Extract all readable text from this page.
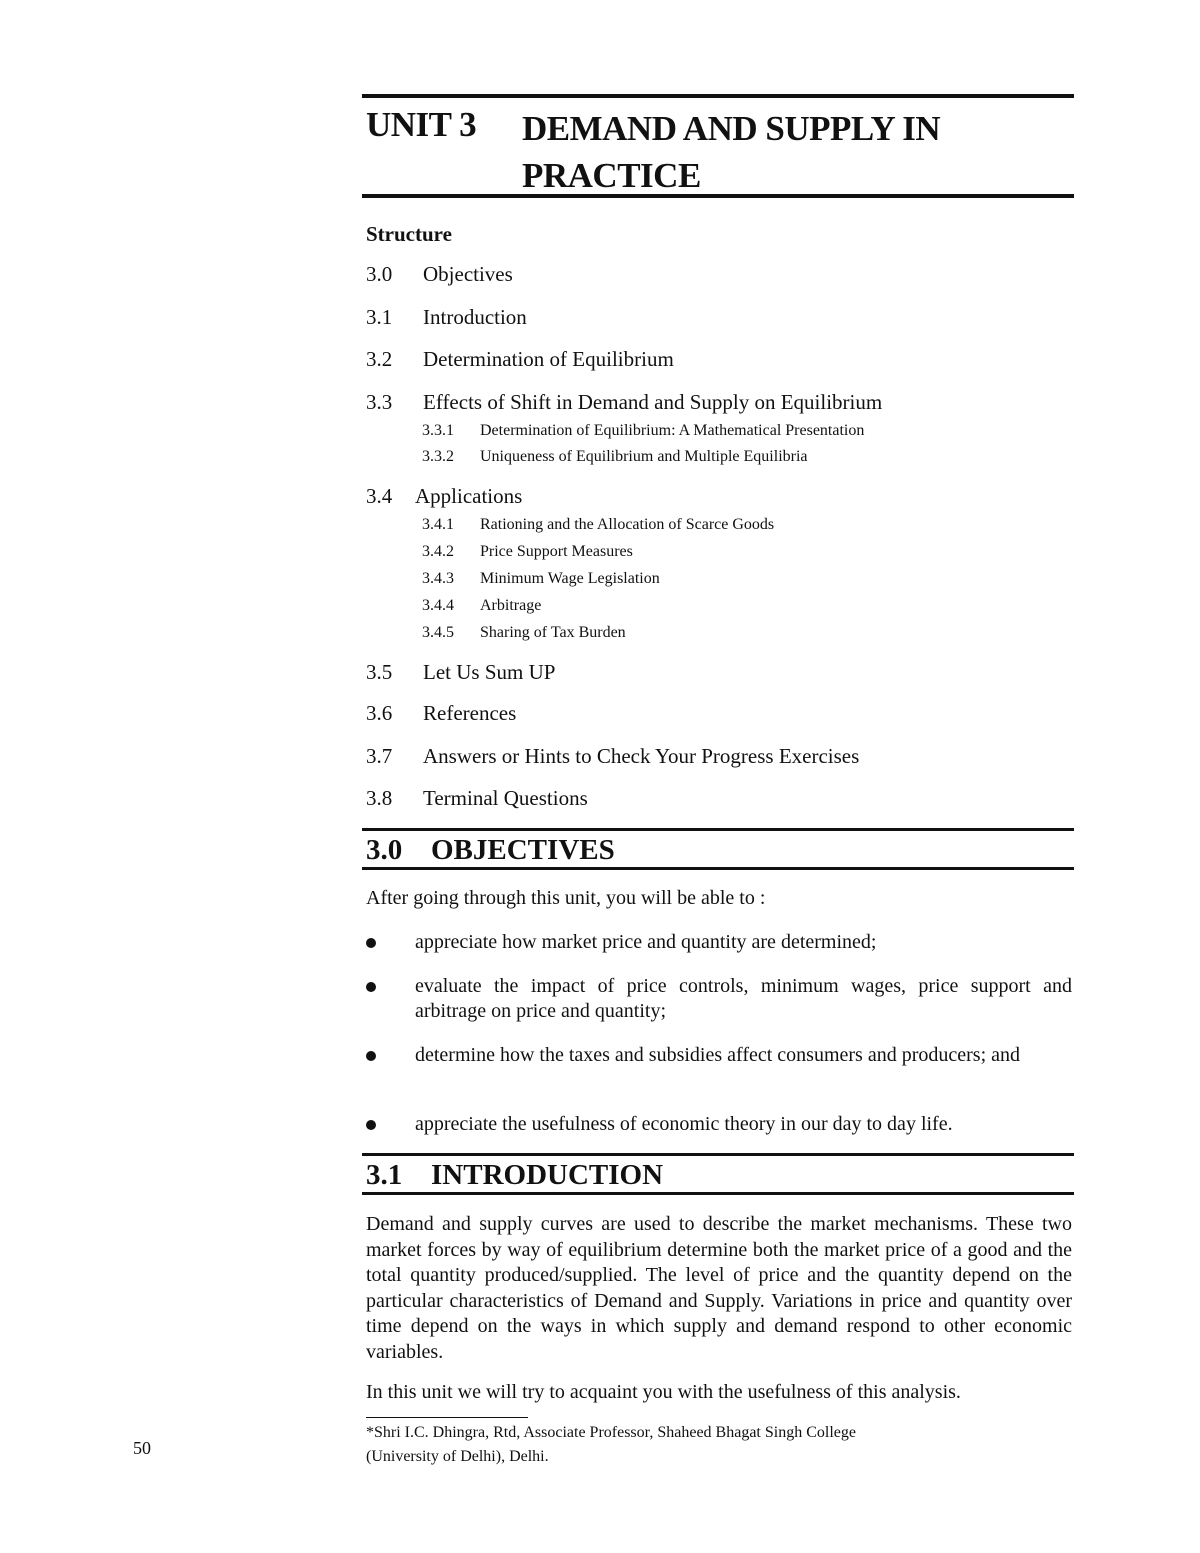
50
UNIT 3 DEMAND AND SUPPLY IN
PRACTICE
Structure
3.0 Objectives
3.1 Introduction
3.2 Determination of Equilibrium
3.3 Effects of Shift in Demand and Supply on Equilibrium
3.3.1 Determination of Equilibrium: A Mathematical Presentation
3.3.2 Uniqueness of Equilibrium and Multiple Equilibria
3.4 Applications
3.4.1 Rationing and the Allocation of Scarce Goods
3.4.2 Price Support Measures
3.4.3 Minimum Wage Legislation
3.4.4 Arbitrage
3.4.5 Sharing of Tax Burden
3.5 Let Us Sum UP
3.6 References
3.7 Answers or Hints to Check Your Progress Exercises
3.8 Terminal Questions
3.0 OBJECTIVES
After going through this unit, you will be able to :
appreciate how market price and quantity are determined;
evaluate the impact of price controls, minimum wages, price support and arbitrage on price and quantity;
determine how the taxes and subsidies affect consumers and producers; and
appreciate the usefulness of economic theory in our day to day life.
3.1 INTRODUCTION
Demand and supply curves are used to describe the market mechanisms. These two market forces by way of equilibrium determine both the market price of a good and the total quantity produced/supplied. The level of price and the quantity depend on the particular characteristics of Demand and Supply. Variations in price and quantity over time depend on the ways in which supply and demand respond to other economic variables.
In this unit we will try to acquaint you with the usefulness of this analysis.
*Shri I.C. Dhingra, Rtd, Associate Professor, Shaheed Bhagat Singh College
(University of Delhi), Delhi.
